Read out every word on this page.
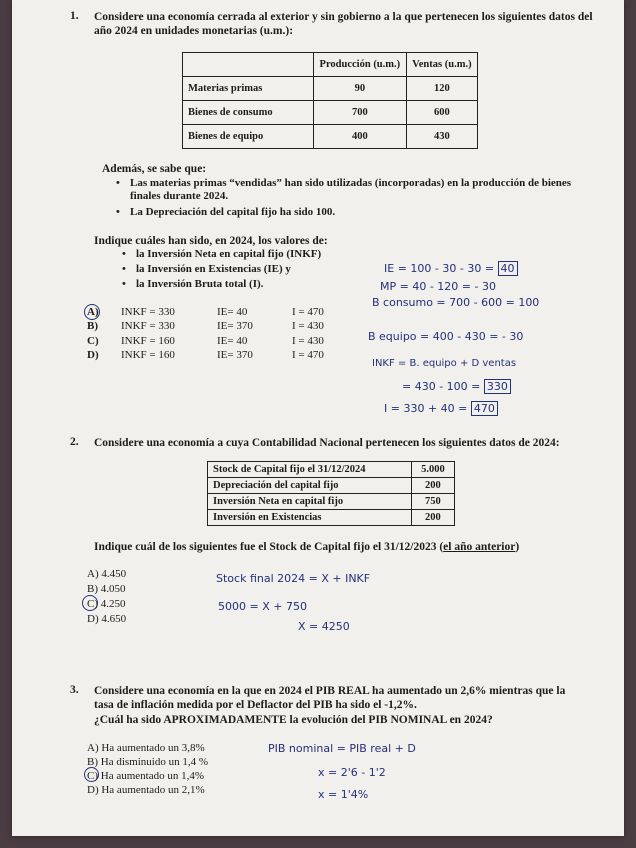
1. Considere una economía cerrada al exterior y sin gobierno a la que pertenecen los siguientes datos del año 2024 en unidades monetarias (u.m.):
	Producción (u.m.)	Ventas (u.m.)
Materias primas	90	120
Bienes de consumo	700	600
Bienes de equipo	400	430
Además, se sabe que:
• Las materias primas “vendidas” han sido utilizadas (incorporadas) en la producción de bienes finales durante 2024.
• La Depreciación del capital fijo ha sido 100.
Indique cuáles han sido, en 2024, los valores de:
• la Inversión Neta en capital fijo (INKF)
• la Inversión en Existencias (IE) y
• la Inversión Bruta total (I).
A) INKF = 330	IE= 40	I = 470
B) INKF = 330	IE= 370	I = 430
C) INKF = 160	IE= 40	I = 430
D) INKF = 160	IE= 370	I = 470
IE = 100 - 30 - 30 = 40
MP = 40 - 120 = - 30
B consumo = 700 - 600 = 100
B equipo = 400 - 430 = - 30
INKF = B. equipo + D ventas
= 430 - 100 = 330
I = 330 + 40 = 470
2. Considere una economía a cuya Contabilidad Nacional pertenecen los siguientes datos de 2024:
Stock de Capital fijo el 31/12/2024	5.000
Depreciación del capital fijo	200
Inversión Neta en capital fijo	750
Inversión en Existencias	200
Indique cuál de los siguientes fue el Stock de Capital fijo el 31/12/2023 (el año anterior)
A) 4.450
B) 4.050
C) 4.250
D) 4.650
Stock final 2024 = X + INKF
5000 = X + 750
X = 4250
3. Considere una economía en la que en 2024 el PIB REAL ha aumentado un 2,6% mientras que la tasa de inflación medida por el Deflactor del PIB ha sido el -1,2%.
¿Cuál ha sido APROXIMADAMENTE la evolución del PIB NOMINAL en 2024?
A) Ha aumentado un 3,8%
B) Ha disminuido un 1,4 %
C) Ha aumentado un 1,4%
D) Ha aumentado un 2,1%
PIB nominal = PIB real + D
x = 2'6 - 1'2
x = 1'4%
